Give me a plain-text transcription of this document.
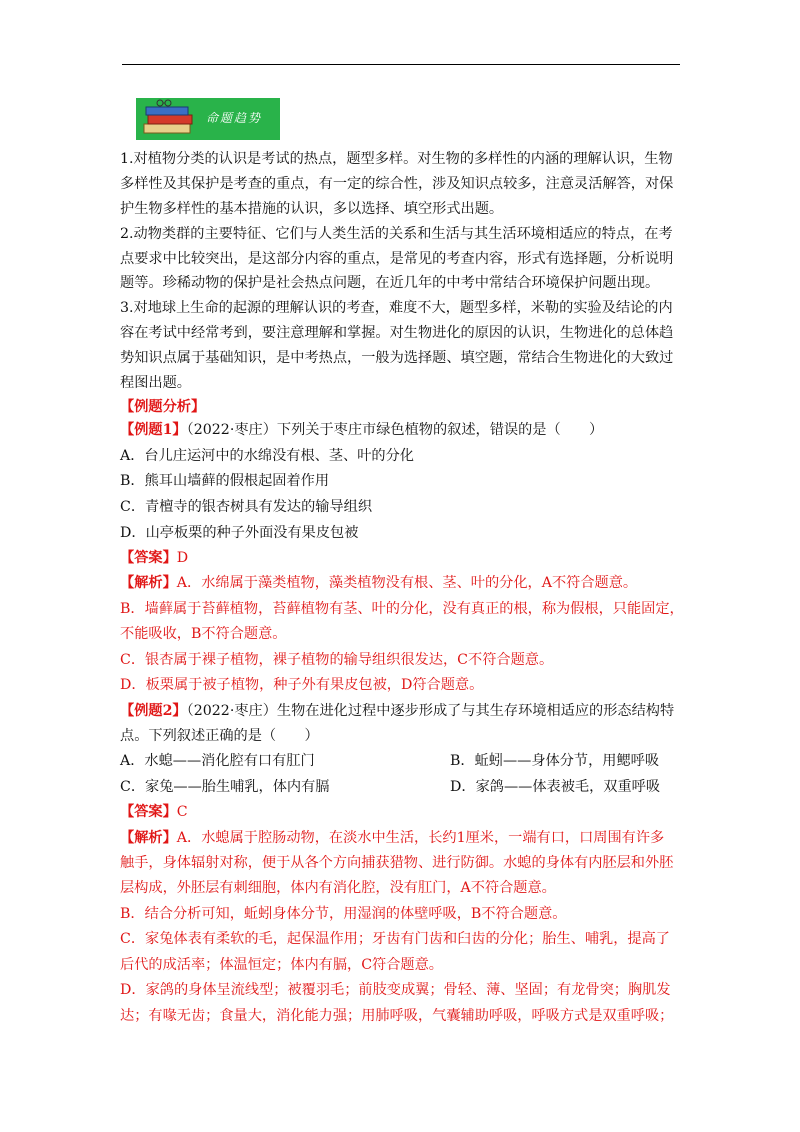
命题趋势
1.对植物分类的认识是考试的热点，题型多样。对生物的多样性的内涵的理解认识，生物
多样性及其保护是考查的重点，有一定的综合性，涉及知识点较多，注意灵活解答，对保
护生物多样性的基本措施的认识，多以选择、填空形式出题。
2.动物类群的主要特征、它们与人类生活的关系和生活与其生活环境相适应的特点，在考
点要求中比较突出，是这部分内容的重点，是常见的考查内容，形式有选择题，分析说明
题等。珍稀动物的保护是社会热点问题，在近几年的中考中常结合环境保护问题出现。
3.对地球上生命的起源的理解认识的考查，难度不大，题型多样，米勒的实验及结论的内
容在考试中经常考到，要注意理解和掌握。对生物进化的原因的认识，生物进化的总体趋
势知识点属于基础知识，是中考热点，一般为选择题、填空题，常结合生物进化的大致过
程图出题。
【例题分析】
【例题1】（2022·枣庄）下列关于枣庄市绿色植物的叙述，错误的是（　　）
A．台儿庄运河中的水绵没有根、茎、叶的分化
B．熊耳山墙藓的假根起固着作用
C．青檀寺的银杏树具有发达的输导组织
D．山亭板栗的种子外面没有果皮包被
【答案】D
【解析】A．水绵属于藻类植物，藻类植物没有根、茎、叶的分化，A不符合题意。
B．墙藓属于苔藓植物，苔藓植物有茎、叶的分化，没有真正的根，称为假根，只能固定，
不能吸收，B不符合题意。
C．银杏属于裸子植物，裸子植物的输导组织很发达，C不符合题意。
D．板栗属于被子植物，种子外有果皮包被，D符合题意。
【例题2】（2022·枣庄）生物在进化过程中逐步形成了与其生存环境相适应的形态结构特
点。下列叙述正确的是（　　）
A．水螅——消化腔有口有肛门	B．蚯蚓——身体分节，用鳃呼吸
C．家兔——胎生哺乳，体内有膈	D．家鸽——体表被毛，双重呼吸
【答案】C
【解析】A．水螅属于腔肠动物，在淡水中生活，长约1厘米，一端有口，口周围有许多
触手，身体辐射对称，便于从各个方向捕获猎物、进行防御。水螅的身体有内胚层和外胚
层构成，外胚层有刺细胞，体内有消化腔，没有肛门，A不符合题意。
B．结合分析可知，蚯蚓身体分节，用湿润的体壁呼吸，B不符合题意。
C．家兔体表有柔软的毛，起保温作用；牙齿有门齿和臼齿的分化；胎生、哺乳，提高了
后代的成活率；体温恒定；体内有膈，C符合题意。
D．家鸽的身体呈流线型；被覆羽毛；前肢变成翼；骨轻、薄、坚固；有龙骨突；胸肌发
达；有喙无齿；食量大，消化能力强；用肺呼吸，气囊辅助呼吸，呼吸方式是双重呼吸；
